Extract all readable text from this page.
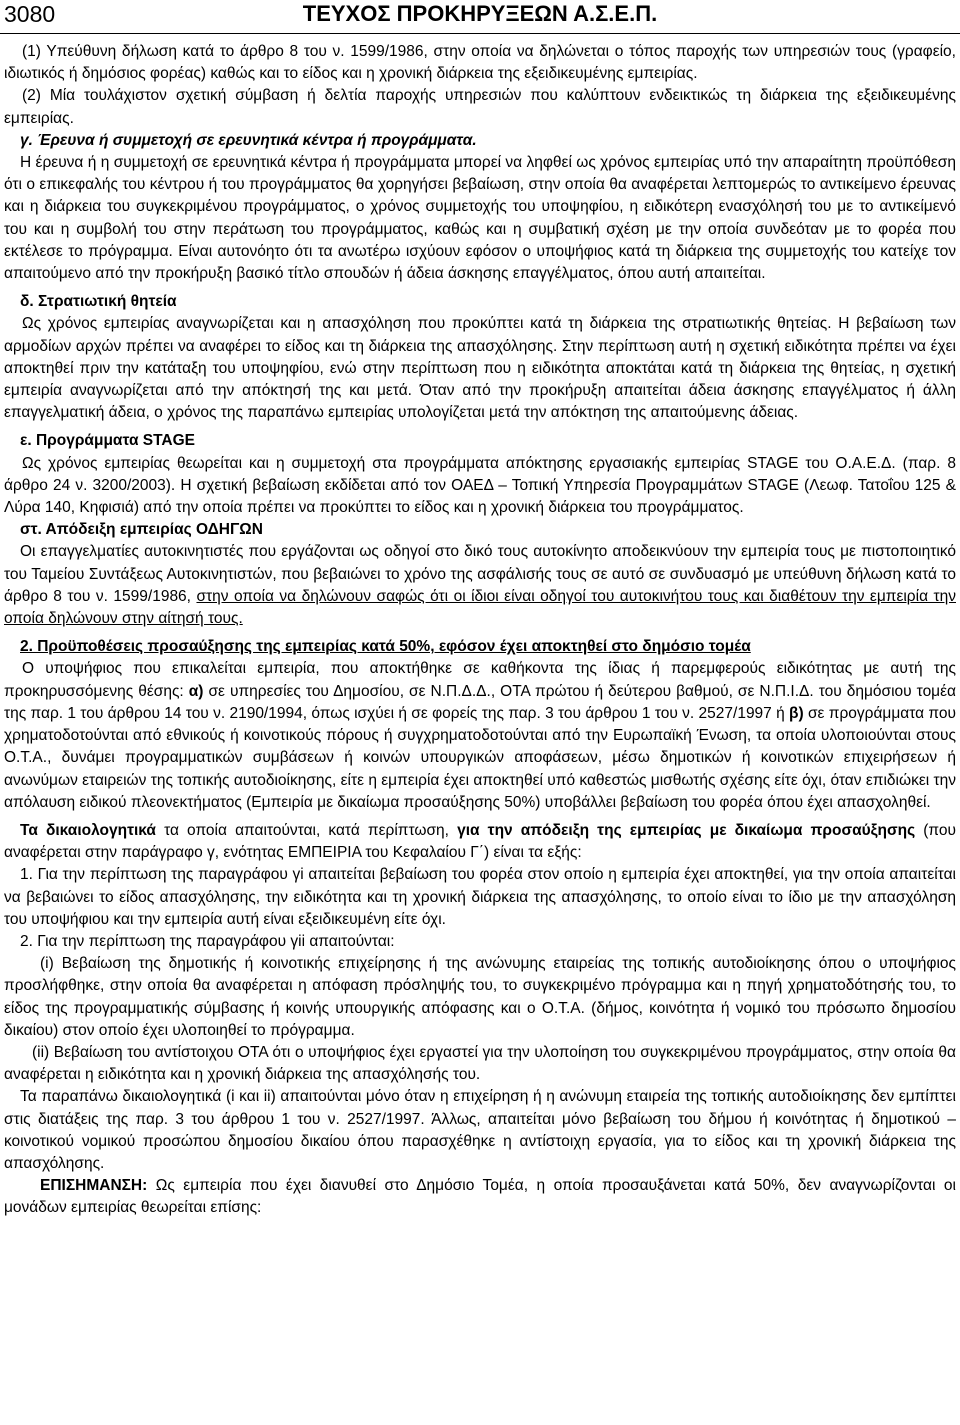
3080	ΤΕΥΧΟΣ ΠΡΟΚΗΡΥΞΕΩΝ Α.Σ.Ε.Π.

(1) Υπεύθυνη δήλωση κατά το άρθρο 8 του ν. 1599/1986, στην οποία να δηλώνεται ο τόπος παροχής των υπηρεσιών τους (γραφείο, ιδιωτικός ή δημόσιος φορέας) καθώς και το είδος και η χρονική διάρκεια της εξειδικευμένης εμπειρίας.

(2) Μία τουλάχιστον σχετική σύμβαση ή δελτία παροχής υπηρεσιών που καλύπτουν ενδεικτικώς τη διάρκεια της εξειδικευμένης εμπειρίας.

γ. Έρευνα ή συμμετοχή σε ερευνητικά κέντρα ή προγράμματα.

Η έρευνα ή η συμμετοχή σε ερευνητικά κέντρα ή προγράμματα μπορεί να ληφθεί ως χρόνος εμπειρίας υπό την απαραίτητη προϋπόθεση ότι ο επικεφαλής του κέντρου ή του προγράμματος θα χορηγήσει βεβαίωση, στην οποία θα αναφέρεται λεπτομερώς το αντικείμενο έρευνας και η διάρκεια του συγκεκριμένου προγράμματος, ο χρόνος συμμετοχής του υποψηφίου, η ειδικότερη ενασχόλησή του με το αντικείμενό του και η συμβολή του στην περάτωση του προγράμματος, καθώς και η συμβατική σχέση με την οποία συνδεόταν με το φορέα που εκτέλεσε το πρόγραμμα. Είναι αυτονόητο ότι τα ανωτέρω ισχύουν εφόσον ο υποψήφιος κατά τη διάρκεια της συμμετοχής του κατείχε τον απαιτούμενο από την προκήρυξη βασικό τίτλο σπουδών ή άδεια άσκησης επαγγέλματος, όπου αυτή απαιτείται.

δ. Στρατιωτική θητεία

Ως χρόνος εμπειρίας αναγνωρίζεται και η απασχόληση που προκύπτει κατά τη διάρκεια της στρατιωτικής θητείας. Η βεβαίωση των αρμοδίων αρχών πρέπει να αναφέρει το είδος και τη διάρκεια της απασχόλησης. Στην περίπτωση αυτή η σχετική ειδικότητα πρέπει να έχει αποκτηθεί πριν την κατάταξη του υποψηφίου, ενώ στην περίπτωση που η ειδικότητα αποκτάται κατά τη διάρκεια της θητείας, η σχετική εμπειρία αναγνωρίζεται από την απόκτησή της και μετά. Όταν από την προκήρυξη απαιτείται άδεια άσκησης επαγγέλματος ή άλλη επαγγελματική άδεια, ο χρόνος της παραπάνω εμπειρίας υπολογίζεται μετά την απόκτηση της απαιτούμενης άδειας.

ε. Προγράμματα STAGE

Ως χρόνος εμπειρίας θεωρείται και η συμμετοχή στα προγράμματα απόκτησης εργασιακής εμπειρίας STAGE του Ο.Α.Ε.Δ. (παρ. 8 άρθρο 24 ν. 3200/2003). Η σχετική βεβαίωση εκδίδεται από τον ΟΑΕΔ – Τοπική Υπηρεσία Προγραμμάτων STAGE (Λεωφ. Τατοΐου 125 & Λύρα 140, Κηφισιά) από την οποία πρέπει να προκύπτει το είδος και η χρονική διάρκεια του προγράμματος.

στ. Απόδειξη εμπειρίας ΟΔΗΓΩΝ

Οι επαγγελματίες αυτοκινητιστές που εργάζονται ως οδηγοί στο δικό τους αυτοκίνητο αποδεικνύουν την εμπειρία τους με πιστοποιητικό του Ταμείου Συντάξεως Αυτοκινητιστών, που βεβαιώνει το χρόνο της ασφάλισής τους σε αυτό σε συνδυασμό με υπεύθυνη δήλωση κατά το άρθρο 8 του ν. 1599/1986, στην οποία να δηλώνουν σαφώς ότι οι ίδιοι είναι οδηγοί του αυτοκινήτου τους και διαθέτουν την εμπειρία την οποία δηλώνουν στην αίτησή τους.

2. Προϋποθέσεις προσαύξησης της εμπειρίας κατά 50%, εφόσον έχει αποκτηθεί στο δημόσιο τομέα

Ο υποψήφιος που επικαλείται εμπειρία, που αποκτήθηκε σε καθήκοντα της ίδιας ή παρεμφερούς ειδικότητας με αυτή της προκηρυσσόμενης θέσης: α) σε υπηρεσίες του Δημοσίου, σε Ν.Π.Δ.Δ., ΟΤΑ πρώτου ή δεύτερου βαθμού, σε Ν.Π.Ι.Δ. του δημόσιου τομέα της παρ. 1 του άρθρου 14 του ν. 2190/1994, όπως ισχύει ή σε φορείς της παρ. 3 του άρθρου 1 του ν. 2527/1997 ή β) σε προγράμματα που χρηματοδοτούνται από εθνικούς ή κοινοτικούς πόρους ή συγχρηματοδοτούνται από την Ευρωπαϊκή Ένωση, τα οποία υλοποιούνται στους Ο.Τ.Α., δυνάμει προγραμματικών συμβάσεων ή κοινών υπουργικών αποφάσεων, μέσω δημοτικών ή κοινοτικών επιχειρήσεων ή ανωνύμων εταιρειών της τοπικής αυτοδιοίκησης, είτε η εμπειρία έχει αποκτηθεί υπό καθεστώς μισθωτής σχέσης είτε όχι, όταν επιδιώκει την απόλαυση ειδικού πλεονεκτήματος (Εμπειρία με δικαίωμα προσαύξησης 50%) υποβάλλει βεβαίωση του φορέα όπου έχει απασχοληθεί.

Τα δικαιολογητικά τα οποία απαιτούνται, κατά περίπτωση, για την απόδειξη της εμπειρίας με δικαίωμα προσαύξησης (που αναφέρεται στην παράγραφο γ, ενότητας ΕΜΠΕΙΡΙΑ του Κεφαλαίου Γ΄) είναι τα εξής:

1. Για την περίπτωση της παραγράφου γi απαιτείται βεβαίωση του φορέα στον οποίο η εμπειρία έχει αποκτηθεί, για την οποία απαιτείται να βεβαιώνει το είδος απασχόλησης, την ειδικότητα και τη χρονική διάρκεια της απασχόλησης, το οποίο είναι το ίδιο με την απασχόληση του υποψήφιου και την εμπειρία αυτή είναι εξειδικευμένη είτε όχι.

2. Για την περίπτωση της παραγράφου γii απαιτούνται:

(i) Βεβαίωση της δημοτικής ή κοινοτικής επιχείρησης ή της ανώνυμης εταιρείας της τοπικής αυτοδιοίκησης όπου ο υποψήφιος προσλήφθηκε, στην οποία θα αναφέρεται η απόφαση πρόσληψής του, το συγκεκριμένο πρόγραμμα και η πηγή χρηματοδότησής του, το είδος της προγραμματικής σύμβασης ή κοινής υπουργικής απόφασης και ο Ο.Τ.Α. (δήμος, κοινότητα ή νομικό του πρόσωπο δημοσίου δικαίου) στον οποίο έχει υλοποιηθεί το πρόγραμμα.

(ii) Βεβαίωση του αντίστοιχου ΟΤΑ ότι ο υποψήφιος έχει εργαστεί για την υλοποίηση του συγκεκριμένου προγράμματος, στην οποία θα αναφέρεται η ειδικότητα και η χρονική διάρκεια της απασχόλησής του.

Τα παραπάνω δικαιολογητικά (i και ii) απαιτούνται μόνο όταν η επιχείρηση ή η ανώνυμη εταιρεία της τοπικής αυτοδιοίκησης δεν εμπίπτει στις διατάξεις της παρ. 3 του άρθρου 1 του ν. 2527/1997. Άλλως, απαιτείται μόνο βεβαίωση του δήμου ή κοινότητας ή δημοτικού – κοινοτικού νομικού προσώπου δημοσίου δικαίου όπου παρασχέθηκε η αντίστοιχη εργασία, για το είδος και τη χρονική διάρκεια της απασχόλησης.

ΕΠΙΣΗΜΑΝΣΗ: Ως εμπειρία που έχει διανυθεί στο Δημόσιο Τομέα, η οποία προσαυξάνεται κατά 50%, δεν αναγνωρίζονται οι μονάδων εμπειρίας θεωρείται επίσης:
